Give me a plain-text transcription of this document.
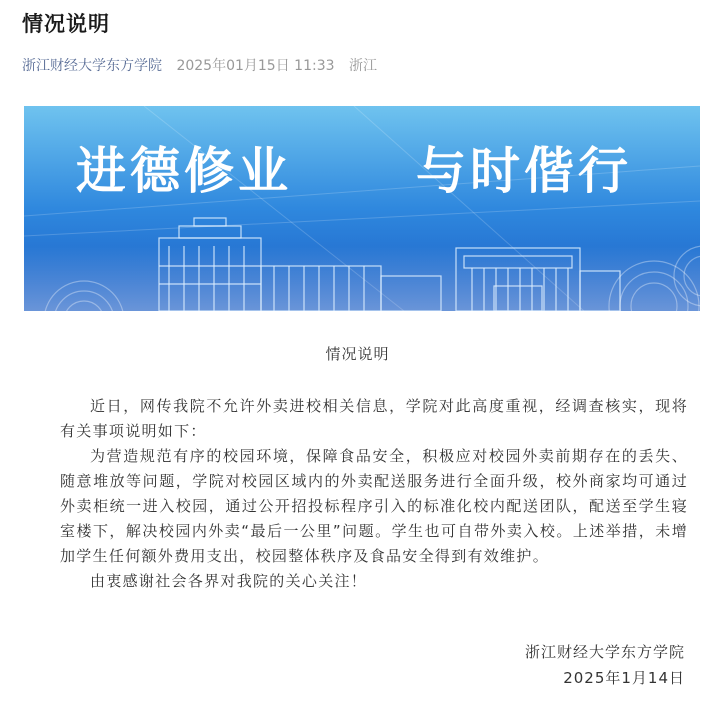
情况说明
浙江财经大学东方学院 2025年01月15日 11:33 浙江
进德修业 与时偕行
情况说明

近日，网传我院不允许外卖进校相关信息，学院对此高度重视，经调查核实，现将有关事项说明如下：

为营造规范有序的校园环境，保障食品安全，积极应对校园外卖前期存在的丢失、随意堆放等问题，学院对校园区域内的外卖配送服务进行全面升级，校外商家均可通过外卖柜统一进入校园，通过公开招投标程序引入的标准化校内配送团队，配送至学生寝室楼下，解决校园内外卖“最后一公里”问题。学生也可自带外卖入校。上述举措，未增加学生任何额外费用支出，校园整体秩序及食品安全得到有效维护。

由衷感谢社会各界对我院的关心关注！

浙江财经大学东方学院
2025年1月14日
